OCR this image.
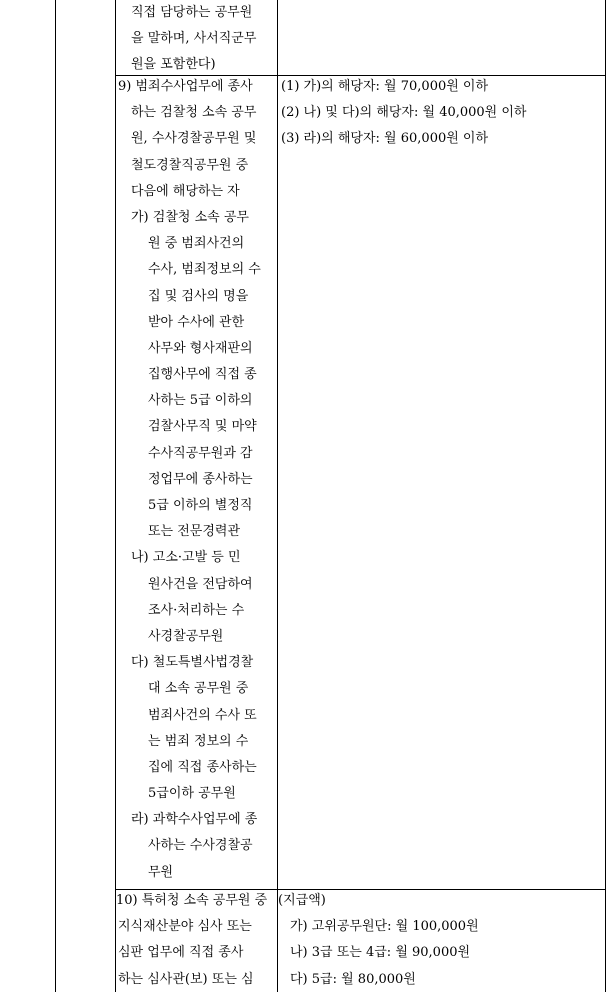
직접 담당하는 공무원
을 말하며, 사서직군무
원을 포함한다)
9) 범죄수사업무에 종사
하는 검찰청 소속 공무
원, 수사경찰공무원 및
철도경찰직공무원 중
다음에 해당하는 자
가) 검찰청 소속 공무
원 중 범죄사건의
수사, 범죄정보의 수
집 및 검사의 명을
받아 수사에 관한
사무와 형사재판의
집행사무에 직접 종
사하는 5급 이하의
검찰사무직 및 마약
수사직공무원과 감
정업무에 종사하는
5급 이하의 별정직
또는 전문경력관
나) 고소·고발 등 민
원사건을 전담하여
조사·처리하는 수
사경찰공무원
다) 철도특별사법경찰
대 소속 공무원 중
범죄사건의 수사 또
는 범죄 정보의 수
집에 직접 종사하는
5급이하 공무원
라) 과학수사업무에 종
사하는 수사경찰공
무원
(1) 가)의 해당자: 월 70,000원 이하
(2) 나) 및 다)의 해당자: 월 40,000원 이하
(3) 라)의 해당자: 월 60,000원 이하
10) 특허청 소속 공무원 중
지식재산분야 심사 또는
심판 업무에 직접 종사
하는 심사관(보) 또는 심
(지급액)
가) 고위공무원단: 월 100,000원
나) 3급 또는 4급: 월 90,000원
다) 5급: 월 80,000원
